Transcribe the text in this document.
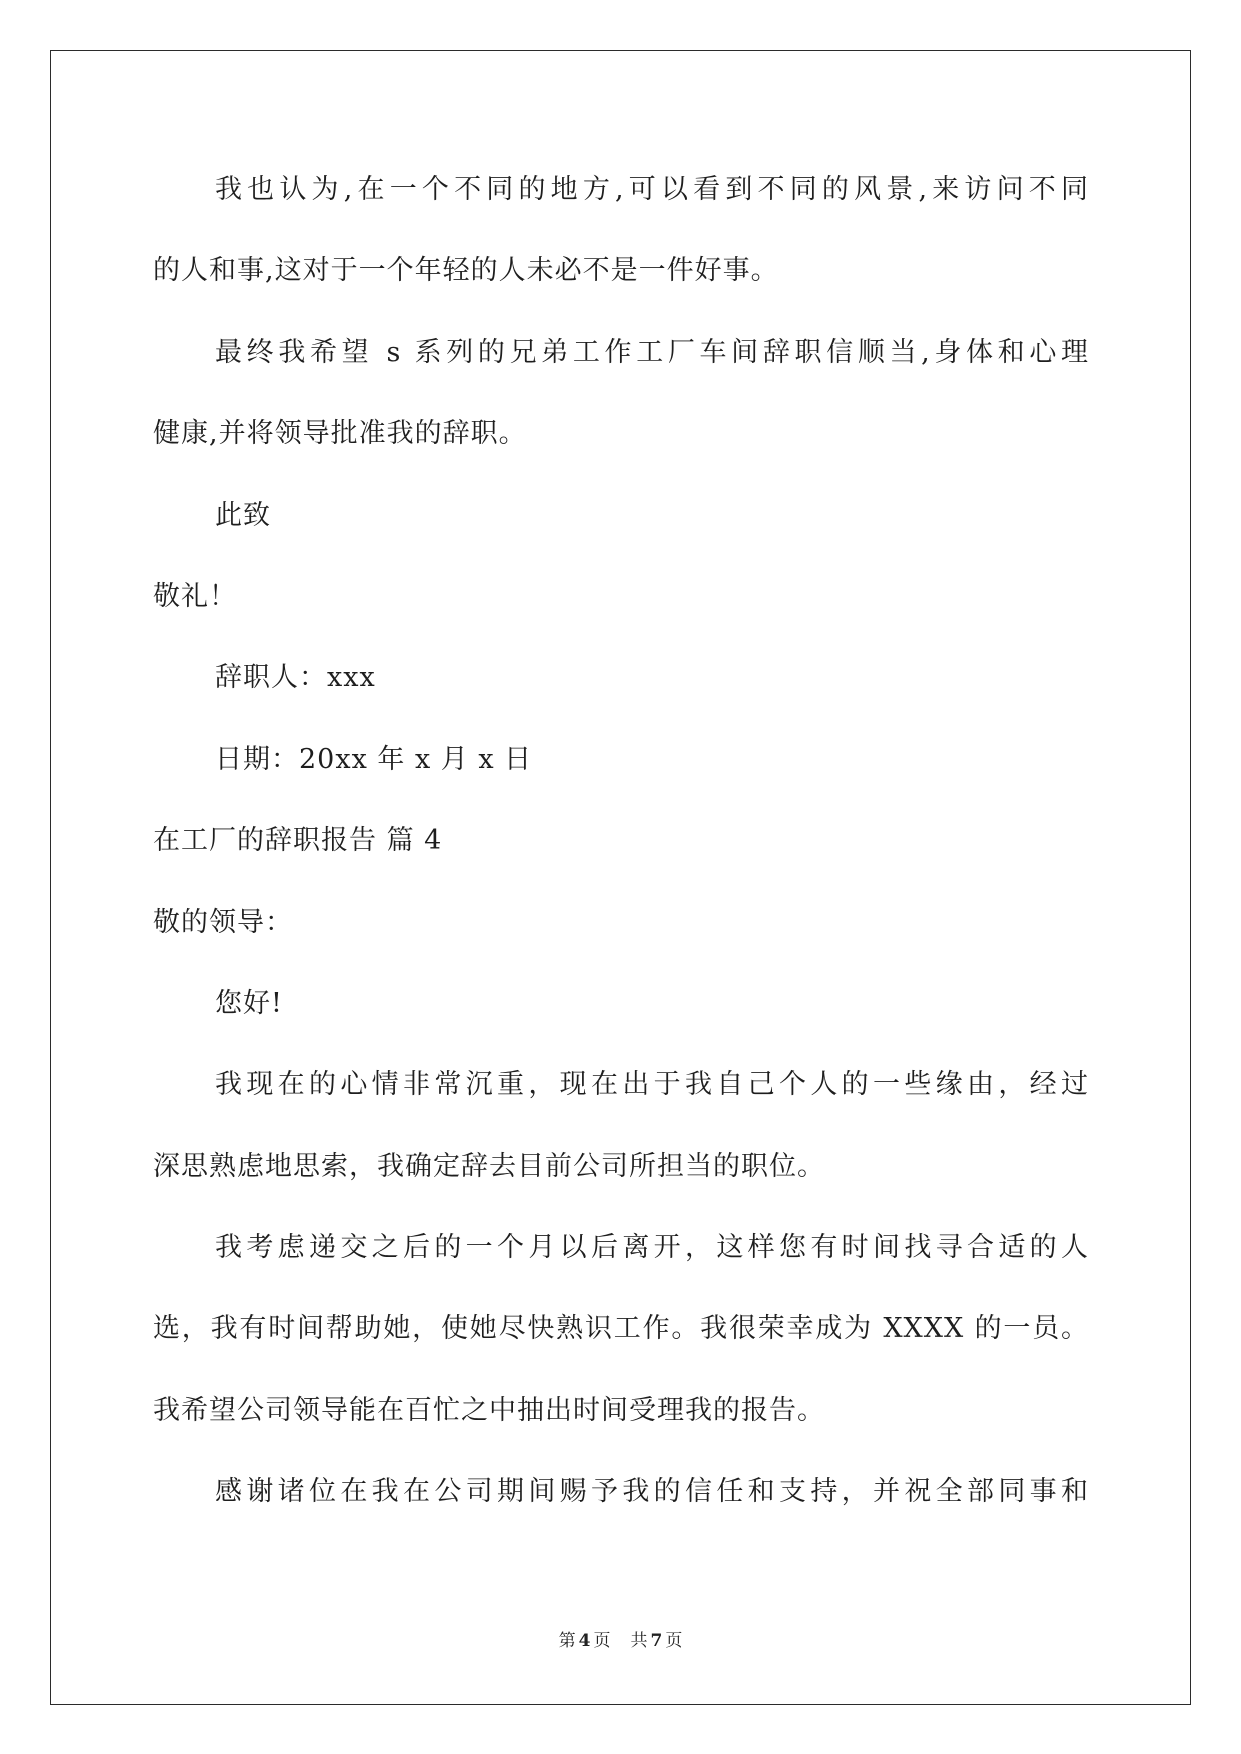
我也认为,在一个不同的地方,可以看到不同的风景,来访问不同
的人和事,这对于一个年轻的人未必不是一件好事。
最终我希望 s 系列的兄弟工作工厂车间辞职信顺当,身体和心理
健康,并将领导批准我的辞职。
此致
敬礼！
辞职人：xxx
日期：20xx 年 x 月 x 日
在工厂的辞职报告 篇 4
敬的领导：
您好!
我现在的心情非常沉重，现在出于我自己个人的一些缘由，经过
深思熟虑地思索，我确定辞去目前公司所担当的职位。
我考虑递交之后的一个月以后离开，这样您有时间找寻合适的人
选，我有时间帮助她，使她尽快熟识工作。我很荣幸成为 XXXX 的一员。
我希望公司领导能在百忙之中抽出时间受理我的报告。
感谢诸位在我在公司期间赐予我的信任和支持，并祝全部同事和
第 4 页 共 7 页
